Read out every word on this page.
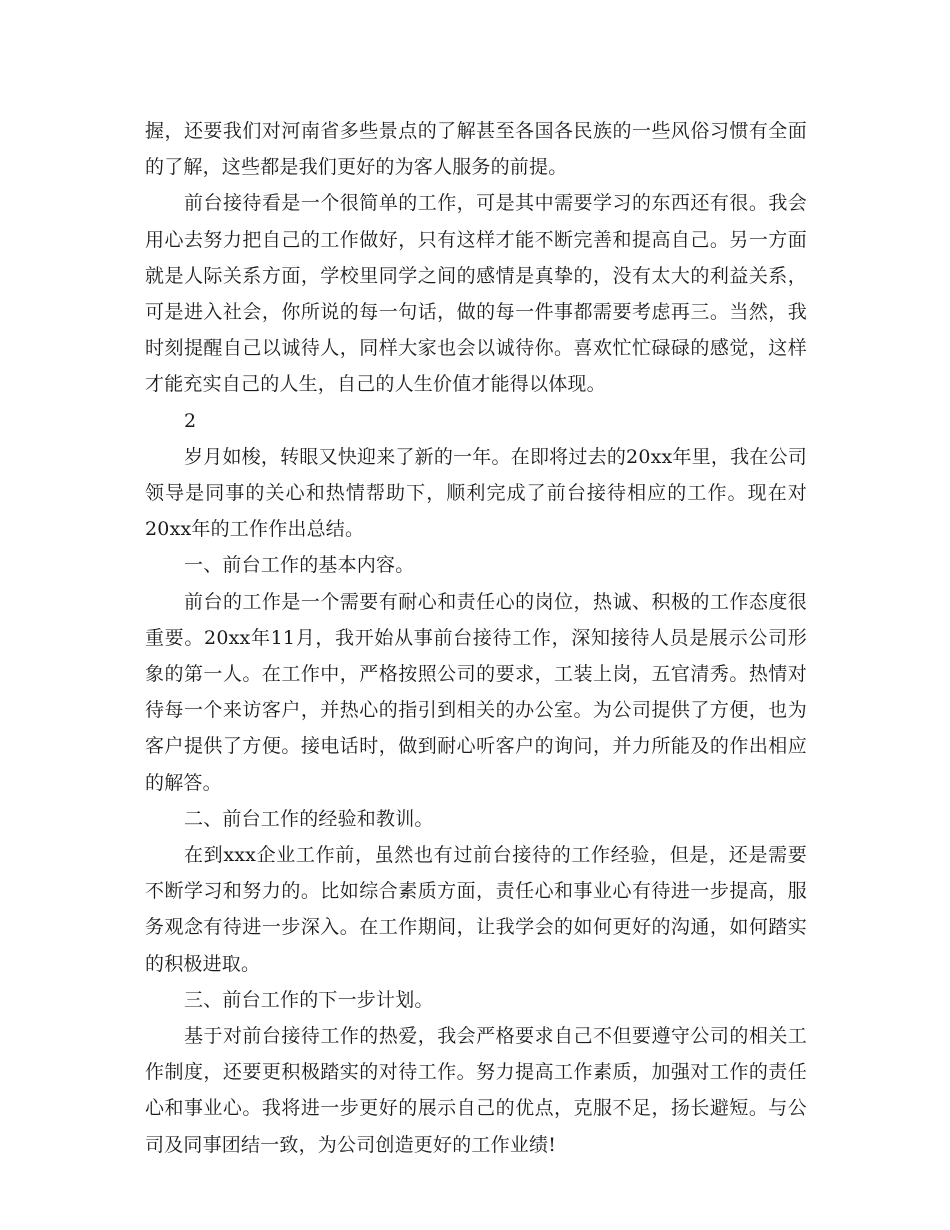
握，还要我们对河南省多些景点的了解甚至各国各民族的一些风俗习惯有全面的了解，这些都是我们更好的为客人服务的前提。

前台接待看是一个很简单的工作，可是其中需要学习的东西还有很。我会用心去努力把自己的工作做好，只有这样才能不断完善和提高自己。另一方面就是人际关系方面，学校里同学之间的感情是真挚的，没有太大的利益关系，可是进入社会，你所说的每一句话，做的每一件事都需要考虑再三。当然，我时刻提醒自己以诚待人，同样大家也会以诚待你。喜欢忙忙碌碌的感觉，这样才能充实自己的人生，自己的人生价值才能得以体现。

2

岁月如梭，转眼又快迎来了新的一年。在即将过去的20xx年里，我在公司领导是同事的关心和热情帮助下，顺利完成了前台接待相应的工作。现在对20xx年的工作作出总结。

一、前台工作的基本内容。

前台的工作是一个需要有耐心和责任心的岗位，热诚、积极的工作态度很重要。20xx年11月，我开始从事前台接待工作，深知接待人员是展示公司形象的第一人。在工作中，严格按照公司的要求，工装上岗，五官清秀。热情对待每一个来访客户，并热心的指引到相关的办公室。为公司提供了方便，也为客户提供了方便。接电话时，做到耐心听客户的询问，并力所能及的作出相应的解答。

二、前台工作的经验和教训。

在到xxx企业工作前，虽然也有过前台接待的工作经验，但是，还是需要不断学习和努力的。比如综合素质方面，责任心和事业心有待进一步提高，服务观念有待进一步深入。在工作期间，让我学会的如何更好的沟通，如何踏实的积极进取。

三、前台工作的下一步计划。

基于对前台接待工作的热爱，我会严格要求自己不但要遵守公司的相关工作制度，还要更积极踏实的对待工作。努力提高工作素质，加强对工作的责任心和事业心。我将进一步更好的展示自己的优点，克服不足，扬长避短。与公司及同事团结一致，为公司创造更好的工作业绩!
